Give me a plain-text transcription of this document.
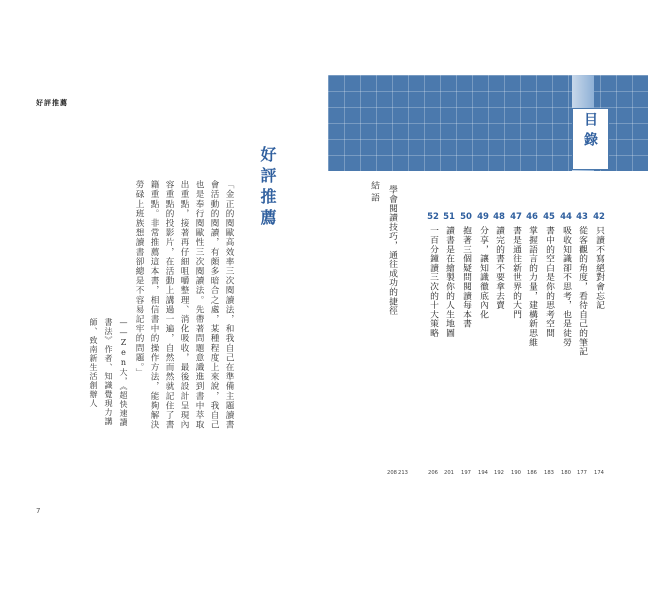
好評推薦
好評推薦

「金正的閱歐高效率三次閱讀法，和我自己在準備主題讀書會活動的閱讀，有頗多暗合之處，某種程度上來說，我自己也是奉行閱歐性三次閱讀法。先帶著問題意識進到書中萃取出重點，接著再仔細咀嚼整理、消化吸收，最後設計呈現內容重點的投影片，在活動上講過一遍，自然而然就記住了書籍重點。非常推薦這本書，相信書中的操作方法，能夠解決勞碌上班族想讀書卻總是不容易記牢的問題。」

——Zen大，《超快速讀書法》作者、知識覺現力講師、致南新生活創辦人

7
目錄
42
只讀不寫絕對會忘記
174
43
從客觀的角度，看待自己的筆記
177
44
吸收知識卻不思考，也是徒勞
180
45
書中的空白是你的思考空間
183
46
掌握語言的力量，建構新思維
186
47
書是通往新世界的大門
190
48
讀完的書不要拿去賣
192
49
分享，讓知識徹底內化
194
50
抱著三個疑問閱讀每本書
197
51
讀書是在繪製你的人生地圖
201
52
一百分鐘讀三次的十大策略
206
學會閱讀技巧，通往成功的捷徑
208
結語
213
